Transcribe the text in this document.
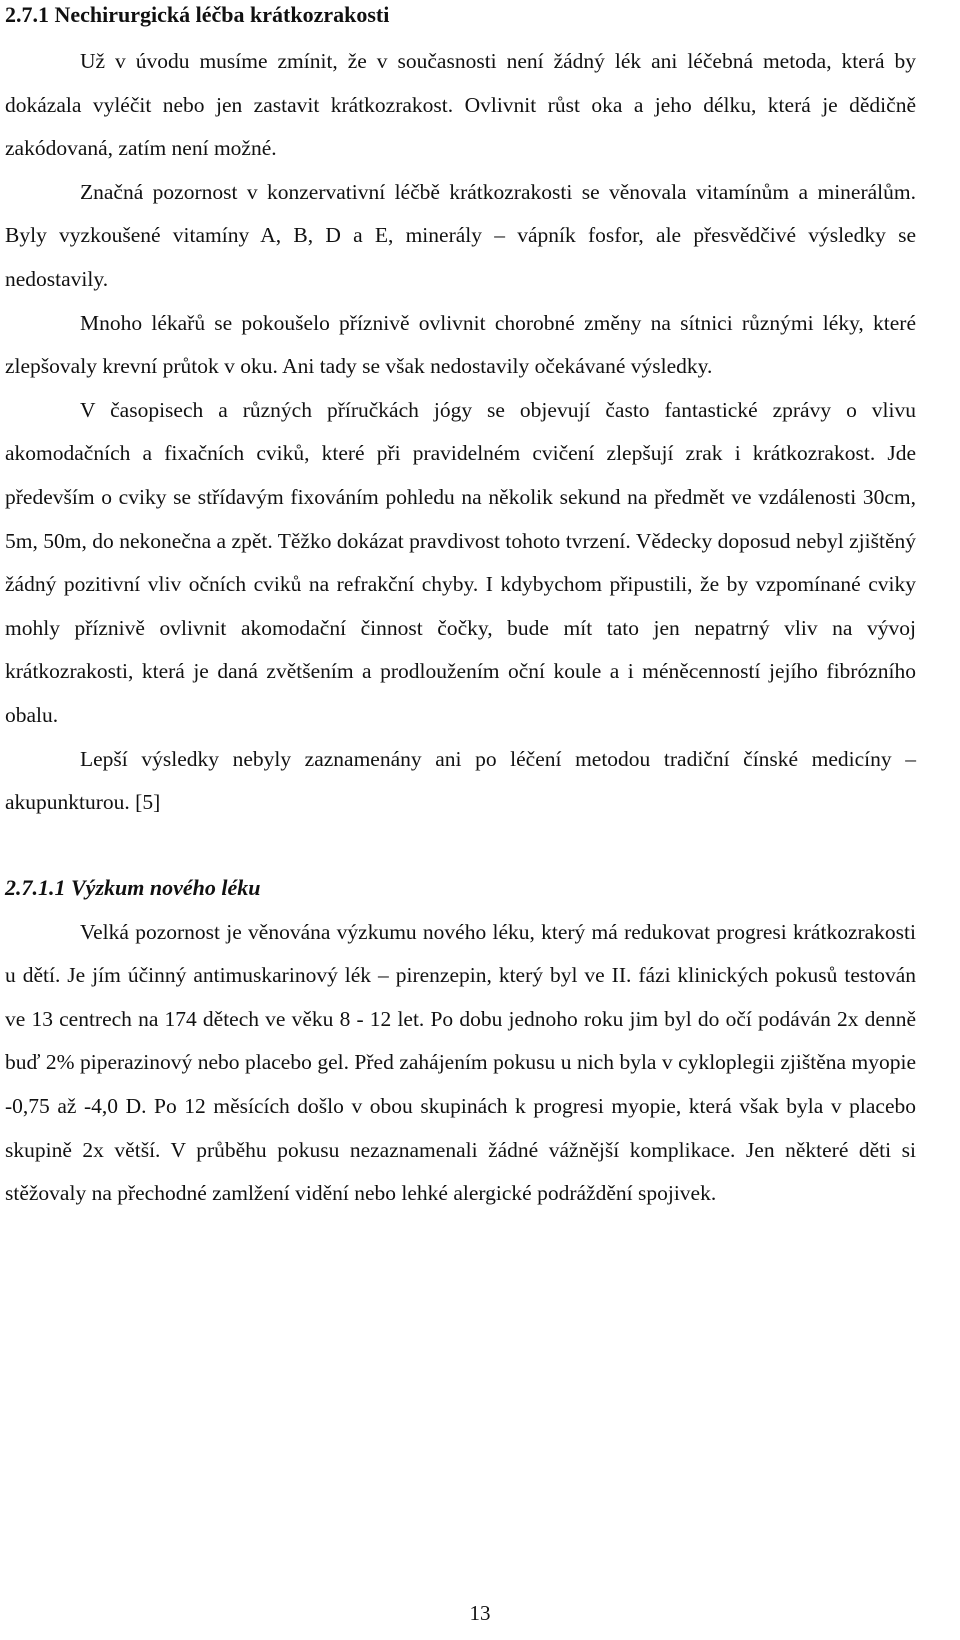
2.7.1 Nechirurgická léčba krátkozrakosti

Už v úvodu musíme zmínit, že v současnosti není žádný lék ani léčebná metoda, která by dokázala vyléčit nebo jen zastavit krátkozrakost. Ovlivnit růst oka a jeho délku, která je dědičně zakódovaná, zatím není možné.

Značná pozornost v konzervativní léčbě krátkozrakosti se věnovala vitamínům a minerálům. Byly vyzkoušené vitamíny A, B, D a E, minerály – vápník fosfor, ale přesvědčivé výsledky se nedostavily.

Mnoho lékařů se pokoušelo příznivě ovlivnit chorobné změny na sítnici různými léky, které zlepšovaly krevní průtok v oku. Ani tady se však nedostavily očekávané výsledky.

V časopisech a různých příručkách jógy se objevují často fantastické zprávy o vlivu akomodačních a fixačních cviků, které při pravidelném cvičení zlepšují zrak i krátkozrakost. Jde především o cviky se střídavým fixováním pohledu na několik sekund na předmět ve vzdálenosti 30cm, 5m, 50m, do nekonečna a zpět. Těžko dokázat pravdivost tohoto tvrzení. Vědecky doposud nebyl zjištěný žádný pozitivní vliv očních cviků na refrakční chyby. I kdybychom připustili, že by vzpomínané cviky mohly příznivě ovlivnit akomodační činnost čočky, bude mít tato jen nepatrný vliv na vývoj krátkozrakosti, která je daná zvětšením a prodloužením oční koule a i méněcenností jejího fibrózního obalu.

Lepší výsledky nebyly zaznamenány ani po léčení metodou tradiční čínské medicíny – akupunkturou. [5]

2.7.1.1 Výzkum nového léku

Velká pozornost je věnována výzkumu nového léku, který má redukovat progresi krátkozrakosti u dětí. Je jím účinný antimuskarinový lék – pirenzepin, který byl ve II. fázi klinických pokusů testován ve 13 centrech na 174 dětech ve věku 8 - 12 let. Po dobu jednoho roku jim byl do očí podáván 2x denně buď 2% piperazinový nebo placebo gel. Před zahájením pokusu u nich byla v cykloplegii zjištěna myopie -0,75 až -4,0 D. Po 12 měsících došlo v obou skupinách k progresi myopie, která však byla v placebo skupině 2x větší. V průběhu pokusu nezaznamenali žádné vážnější komplikace. Jen některé děti si stěžovaly na přechodné zamlžení vidění nebo lehké alergické podráždění spojivek.

13
